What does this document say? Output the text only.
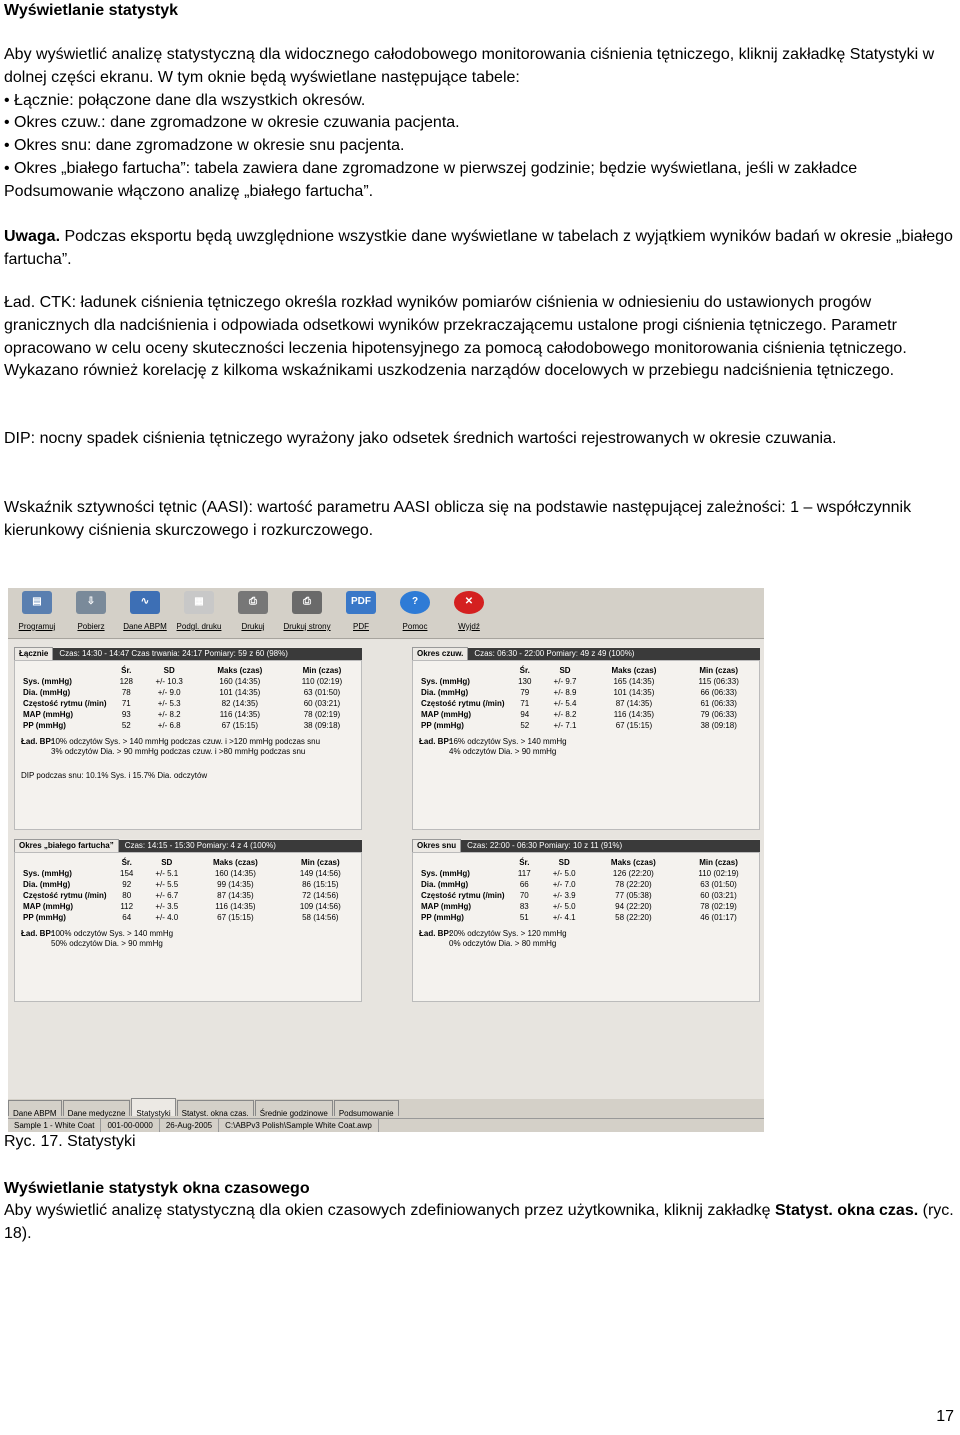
Wyświetlanie statystyk

Aby wyświetlić analizę statystyczną dla widocznego całodobowego monitorowania ciśnienia tętniczego, kliknij zakładkę Statystyki w dolnej części ekranu. W tym oknie będą wyświetlane następujące tabele:

• Łącznie: połączone dane dla wszystkich okresów.

• Okres czuw.: dane zgromadzone w okresie czuwania pacjenta.

• Okres snu: dane zgromadzone w okresie snu pacjenta.

• Okres „białego fartucha”: tabela zawiera dane zgromadzone w pierwszej godzinie; będzie wyświetlana, jeśli w zakładce Podsumowanie włączono analizę „białego fartucha”.

Uwaga. Podczas eksportu będą uwzględnione wszystkie dane wyświetlane w tabelach z wyjątkiem wyników badań w okresie „białego fartucha”.

Ład. CTK: ładunek ciśnienia tętniczego określa rozkład wyników pomiarów ciśnienia w odniesieniu do ustawionych progów granicznych dla nadciśnienia i odpowiada odsetkowi wyników przekraczającemu ustalone progi ciśnienia tętniczego. Parametr opracowano w celu oceny skuteczności leczenia hipotensyjnego za pomocą całodobowego monitorowania ciśnienia tętniczego. Wykazano również korelację z kilkoma wskaźnikami uszkodzenia narządów docelowych w przebiegu nadciśnienia tętniczego.

DIP: nocny spadek ciśnienia tętniczego wyrażony jako odsetek średnich wartości rejestrowanych w okresie czuwania.

Wskaźnik sztywności tętnic (AASI): wartość parametru AASI oblicza się na podstawie następującej zależności: 1 – współczynnik kierunkowy ciśnienia skurczowego i rozkurczowego.

▤
Programuj
⇩
Pobierz
∿
Dane ABPM
▦
Podgl. druku
⎙
Drukuj
⎙
Drukuj strony
PDF
PDF
?
Pomoc
✕
Wyjdź
Łącznie	Czas: 14:30 - 14:47 Czas trwania: 24:17 Pomiary: 59 z 60 (98%)
	Śr.	SD	Maks (czas)	Min (czas)
Sys. (mmHg)	128	+/- 10.3	160 (14:35)	110 (02:19)
Dia. (mmHg)	78	+/- 9.0	101 (14:35)	63 (01:50)
Częstość rytmu (/min)	71	+/- 5.3	82 (14:35)	60 (03:21)
MAP (mmHg)	93	+/- 8.2	116 (14:35)	78 (02:19)
PP (mmHg)	52	+/- 6.8	67 (15:15)	38 (09:18)
Ład. BP:
10% odczytów Sys. > 140 mmHg podczas czuw. i >120 mmHg podczas snu
3% odczytów Dia. > 90 mmHg podczas czuw. i >80 mmHg podczas snu
DIP podczas snu: 10.1% Sys. i 15.7% Dia. odczytów
Okres czuw.	Czas: 06:30 - 22:00 Pomiary: 49 z 49 (100%)
	Śr.	SD	Maks (czas)	Min (czas)
Sys. (mmHg)	130	+/- 9.7	165 (14:35)	115 (06:33)
Dia. (mmHg)	79	+/- 8.9	101 (14:35)	66 (06:33)
Częstość rytmu (/min)	71	+/- 5.4	87 (14:35)	61 (06:33)
MAP (mmHg)	94	+/- 8.2	116 (14:35)	79 (06:33)
PP (mmHg)	52	+/- 7.1	67 (15:15)	38 (09:18)
Ład. BP:
16% odczytów Sys. > 140 mmHg
4% odczytów Dia. > 90 mmHg
Okres „białego fartucha”	Czas: 14:15 - 15:30 Pomiary: 4 z 4 (100%)
	Śr.	SD	Maks (czas)	Min (czas)
Sys. (mmHg)	154	+/- 5.1	160 (14:35)	149 (14:56)
Dia. (mmHg)	92	+/- 5.5	99 (14:35)	86 (15:15)
Częstość rytmu (/min)	80	+/- 6.7	87 (14:35)	72 (14:56)
MAP (mmHg)	112	+/- 3.5	116 (14:35)	109 (14:56)
PP (mmHg)	64	+/- 4.0	67 (15:15)	58 (14:56)
Ład. BP:
100% odczytów Sys. > 140 mmHg
50% odczytów Dia. > 90 mmHg
Okres snu	Czas: 22:00 - 06:30 Pomiary: 10 z 11 (91%)
	Śr.	SD	Maks (czas)	Min (czas)
Sys. (mmHg)	117	+/- 5.0	126 (22:20)	110 (02:19)
Dia. (mmHg)	66	+/- 7.0	78 (22:20)	63 (01:50)
Częstość rytmu (/min)	70	+/- 3.9	77 (05:38)	60 (03:21)
MAP (mmHg)	83	+/- 5.0	94 (22:20)	78 (02:19)
PP (mmHg)	51	+/- 4.1	58 (22:20)	46 (01:17)
Ład. BP:
20% odczytów Sys. > 120 mmHg
0% odczytów Dia. > 80 mmHg
Dane ABPM	Dane medyczne	Statystyki	Statyst. okna czas.	Średnie godzinowe	Podsumowanie
Sample 1 - White Coat	001-00-0000	26-Aug-2005	C:\ABPv3 Polish\Sample White Coat.awp

Ryc. 17. Statystyki

Wyświetlanie statystyk okna czasowego

Aby wyświetlić analizę statystyczną dla okien czasowych zdefiniowanych przez użytkownika, kliknij zakładkę Statyst. okna czas. (ryc. 18).

17
